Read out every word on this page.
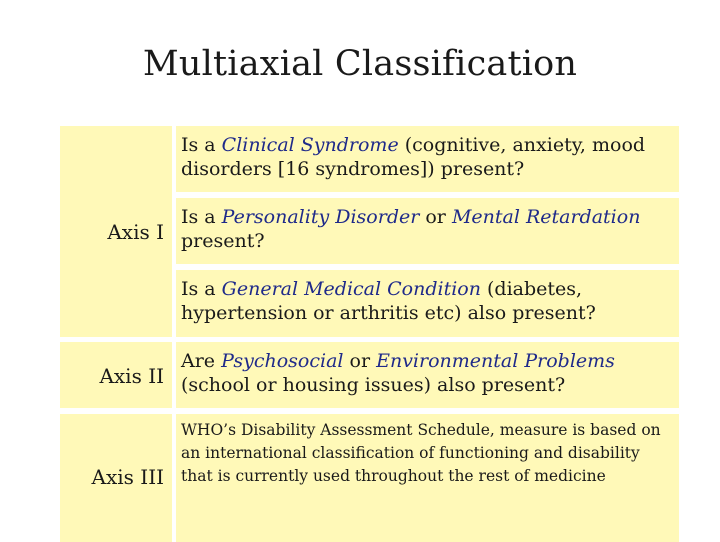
Multiaxial Classification
Axis I
Axis II
Axis III
Is a Clinical Syndrome (cognitive, anxiety, mood disorders [16 syndromes]) present?
Is a Personality Disorder or Mental Retardation present?
Is a General Medical Condition (diabetes, hypertension or arthritis etc) also present?
Are Psychosocial or Environmental Problems (school or housing issues) also present?
WHO’s Disability Assessment Schedule, measure is based on an international classification of functioning and disability that is currently used throughout the rest of medicine
